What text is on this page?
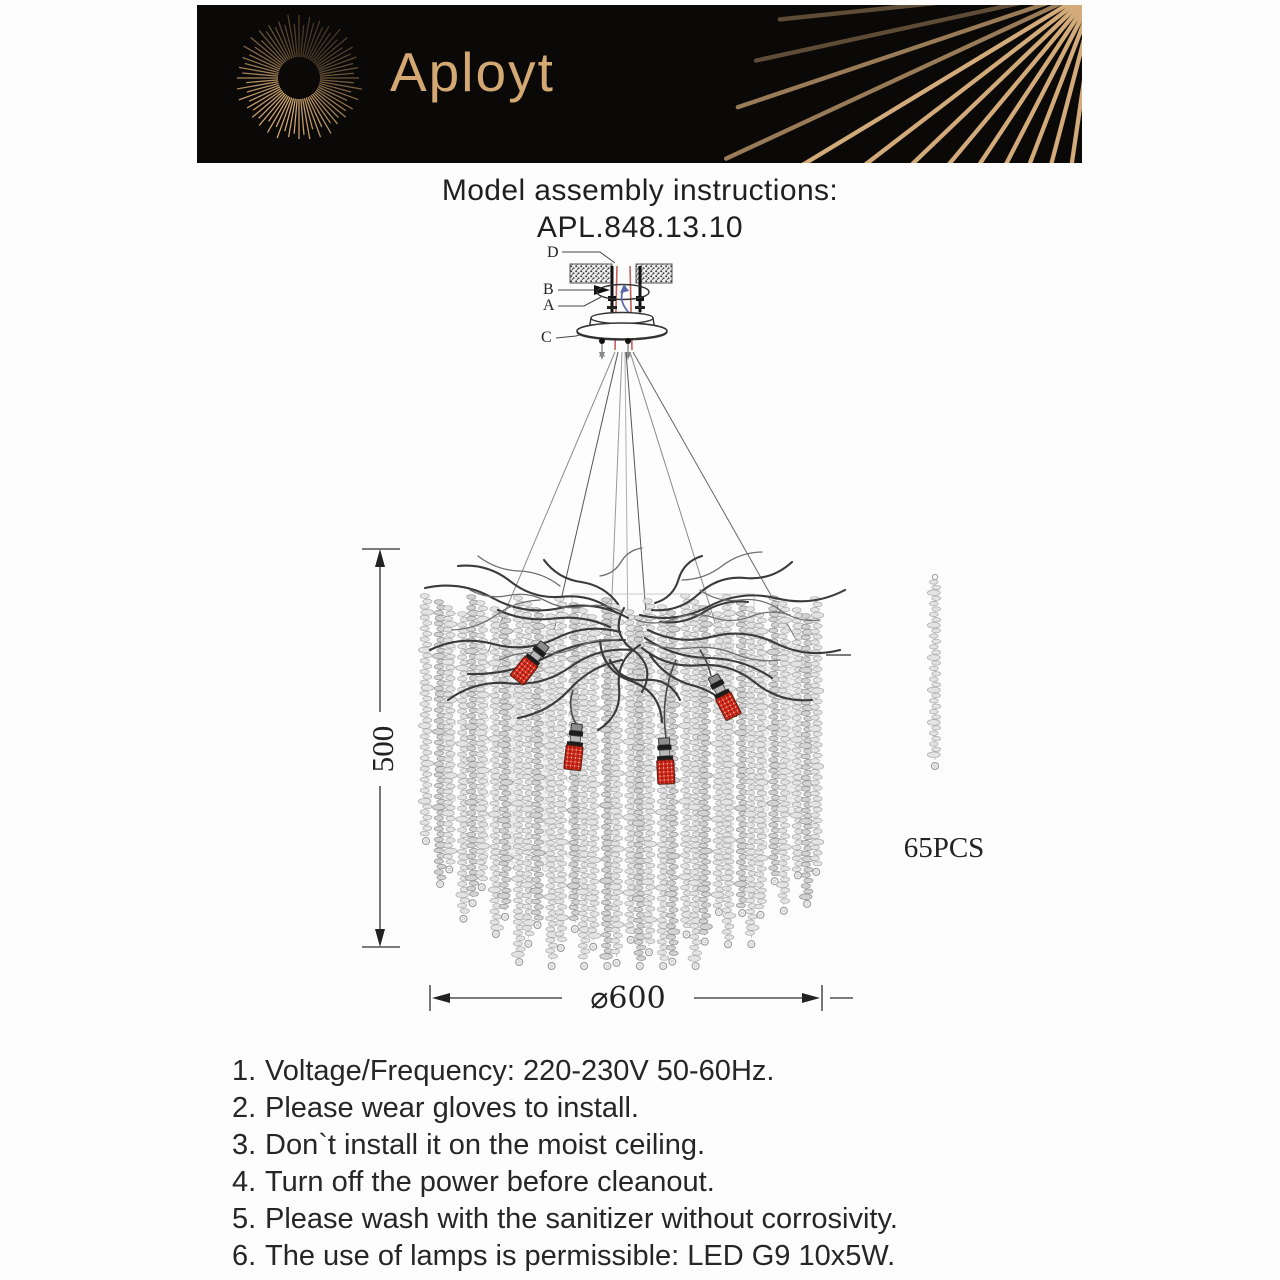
Aployt
Model assembly instructions:
APL.848.13.10
D
B
A
C
500
⌀600
65PCS
1. Voltage/Frequency: 220-230V 50-60Hz.
2. Please wear gloves to install.
3. Don`t install it on the moist ceiling.
4. Turn off the power before cleanout.
5. Please wash with the sanitizer without corrosivity.
6. The use of lamps is permissible: LED G9 10x5W.
